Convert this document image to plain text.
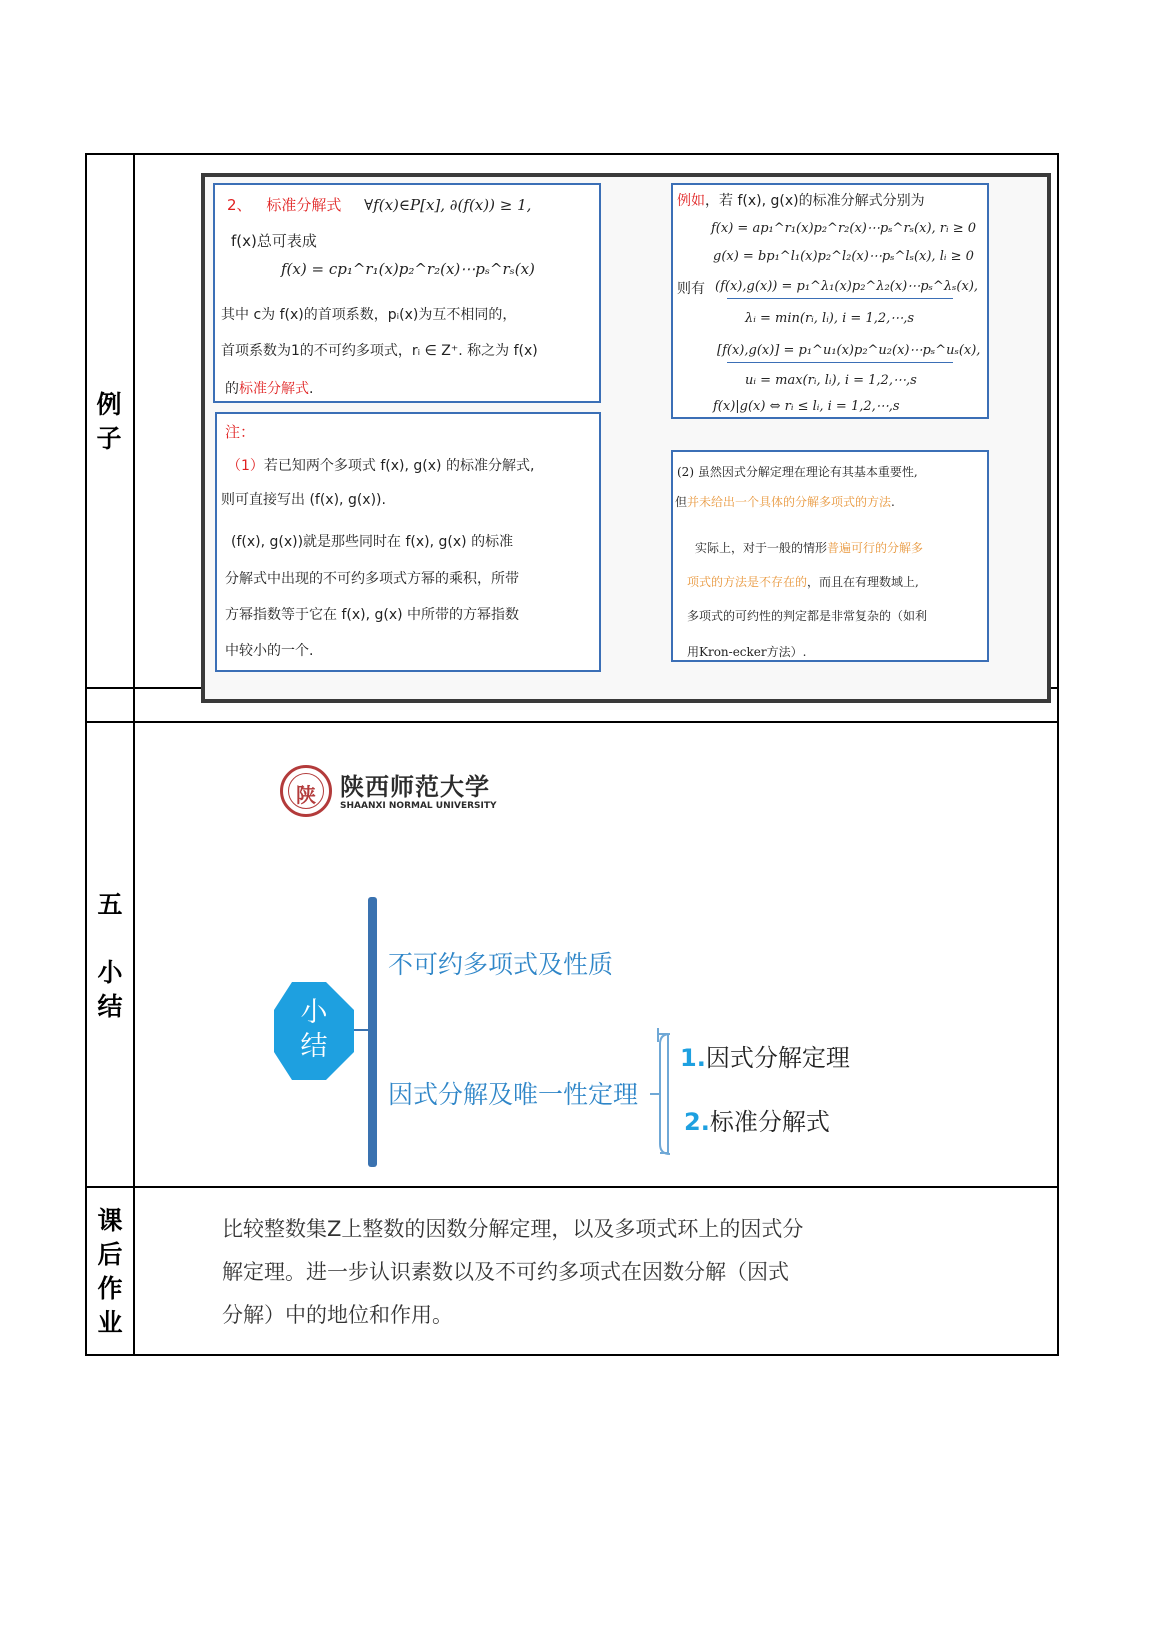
例子
五
小结
课后作业
2、 标准分解式 ∀f(x)∈P[x], ∂(f(x)) ≥ 1,
f(x)总可表成
f(x) = cp₁^r₁(x)p₂^r₂(x)⋯pₛ^rₛ(x)
其中 c为 f(x)的首项系数，pᵢ(x)为互不相同的，
首项系数为1的不可约多项式，rᵢ ∈ Z⁺. 称之为 f(x)
的标准分解式.
注：
（1）若已知两个多项式 f(x), g(x) 的标准分解式,
则可直接写出 (f(x), g(x)).
(f(x), g(x))就是那些同时在 f(x), g(x) 的标准
分解式中出现的不可约多项式方幂的乘积，所带
方幂指数等于它在 f(x), g(x) 中所带的方幂指数
中较小的一个.
例如，若 f(x), g(x)的标准分解式分别为
f(x) = ap₁^r₁(x)p₂^r₂(x)⋯pₛ^rₛ(x), rᵢ ≥ 0
g(x) = bp₁^l₁(x)p₂^l₂(x)⋯pₛ^lₛ(x), lᵢ ≥ 0
则有 (f(x),g(x)) = p₁^λ₁(x)p₂^λ₂(x)⋯pₛ^λₛ(x),
λᵢ = min(rᵢ, lᵢ), i = 1,2,⋯,s
[f(x),g(x)] = p₁^u₁(x)p₂^u₂(x)⋯pₛ^uₛ(x),
uᵢ = max(rᵢ, lᵢ), i = 1,2,⋯,s
f(x)|g(x) ⇔ rᵢ ≤ lᵢ, i = 1,2,⋯,s
(2) 虽然因式分解定理在理论有其基本重要性,
但并未给出一个具体的分解多项式的方法.
实际上，对于一般的情形普遍可行的分解多
项式的方法是不存在的，而且在有理数域上,
多项式的可约性的判定都是非常复杂的（如利
用Kron-ecker方法）.
陕	陕西师范大学
SHAANXI NORMAL UNIVERSITY
小结
不可约多项式及性质
因式分解及唯一性定理
1.因式分解定理
2.标准分解式
比较整数集Z上整数的因数分解定理，以及多项式环上的因式分
解定理。进一步认识素数以及不可约多项式在因数分解（因式
分解）中的地位和作用。
